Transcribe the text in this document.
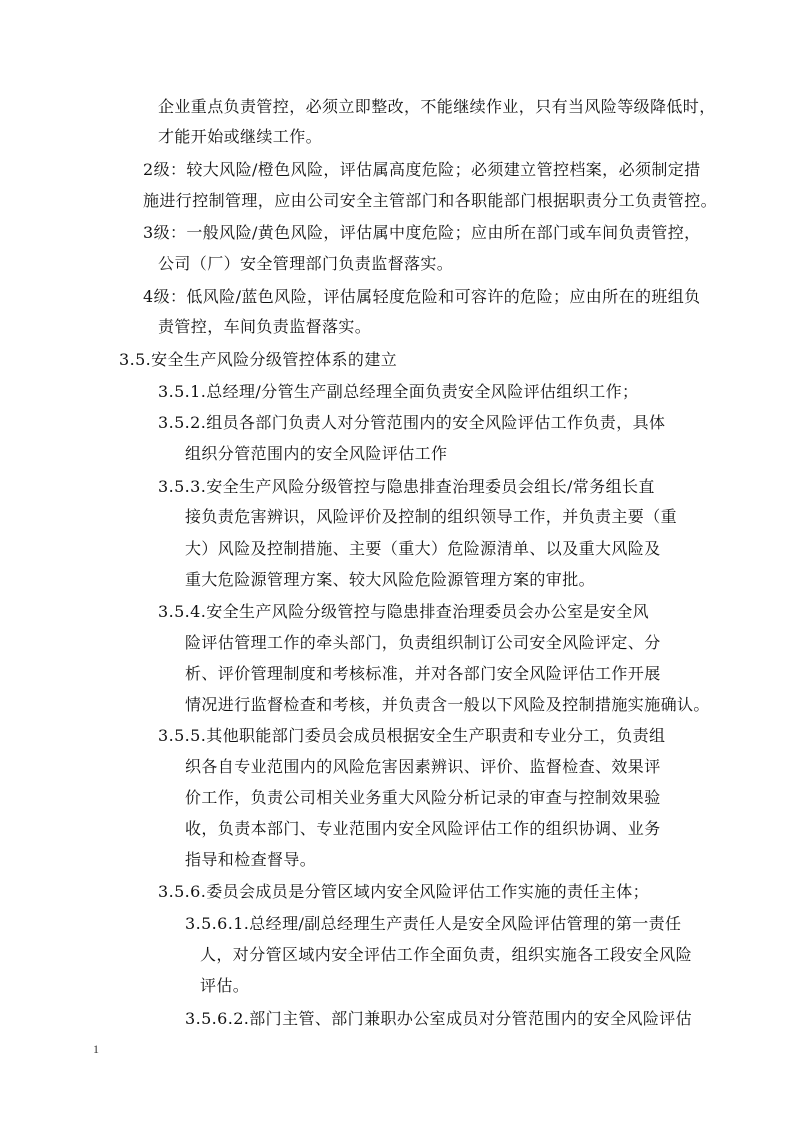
企业重点负责管控，必须立即整改，不能继续作业，只有当风险等级降低时，
才能开始或继续工作。
2级：较大风险/橙色风险，评估属高度危险；必须建立管控档案，必须制定措
施进行控制管理，应由公司安全主管部门和各职能部门根据职责分工负责管控。
3级：一般风险/黄色风险，评估属中度危险；应由所在部门或车间负责管控，
公司（厂）安全管理部门负责监督落实。
4级：低风险/蓝色风险，评估属轻度危险和可容许的危险；应由所在的班组负
责管控，车间负责监督落实。
3.5.安全生产风险分级管控体系的建立
3.5.1.总经理/分管生产副总经理全面负责安全风险评估组织工作；
3.5.2.组员各部门负责人对分管范围内的安全风险评估工作负责，具体
组织分管范围内的安全风险评估工作
3.5.3.安全生产风险分级管控与隐患排查治理委员会组长/常务组长直
接负责危害辨识，风险评价及控制的组织领导工作，并负责主要（重
大）风险及控制措施、主要（重大）危险源清单、以及重大风险及
重大危险源管理方案、较大风险危险源管理方案的审批。
3.5.4.安全生产风险分级管控与隐患排查治理委员会办公室是安全风
险评估管理工作的牵头部门，负责组织制订公司安全风险评定、分
析、评价管理制度和考核标准，并对各部门安全风险评估工作开展
情况进行监督检查和考核，并负责含一般以下风险及控制措施实施确认。
3.5.5.其他职能部门委员会成员根据安全生产职责和专业分工，负责组
织各自专业范围内的风险危害因素辨识、评价、监督检查、效果评
价工作，负责公司相关业务重大风险分析记录的审查与控制效果验
收，负责本部门、专业范围内安全风险评估工作的组织协调、业务
指导和检查督导。
3.5.6.委员会成员是分管区域内安全风险评估工作实施的责任主体；
3.5.6.1.总经理/副总经理生产责任人是安全风险评估管理的第一责任
人，对分管区域内安全评估工作全面负责，组织实施各工段安全风险
评估。
3.5.6.2.部门主管、部门兼职办公室成员对分管范围内的安全风险评估
1
